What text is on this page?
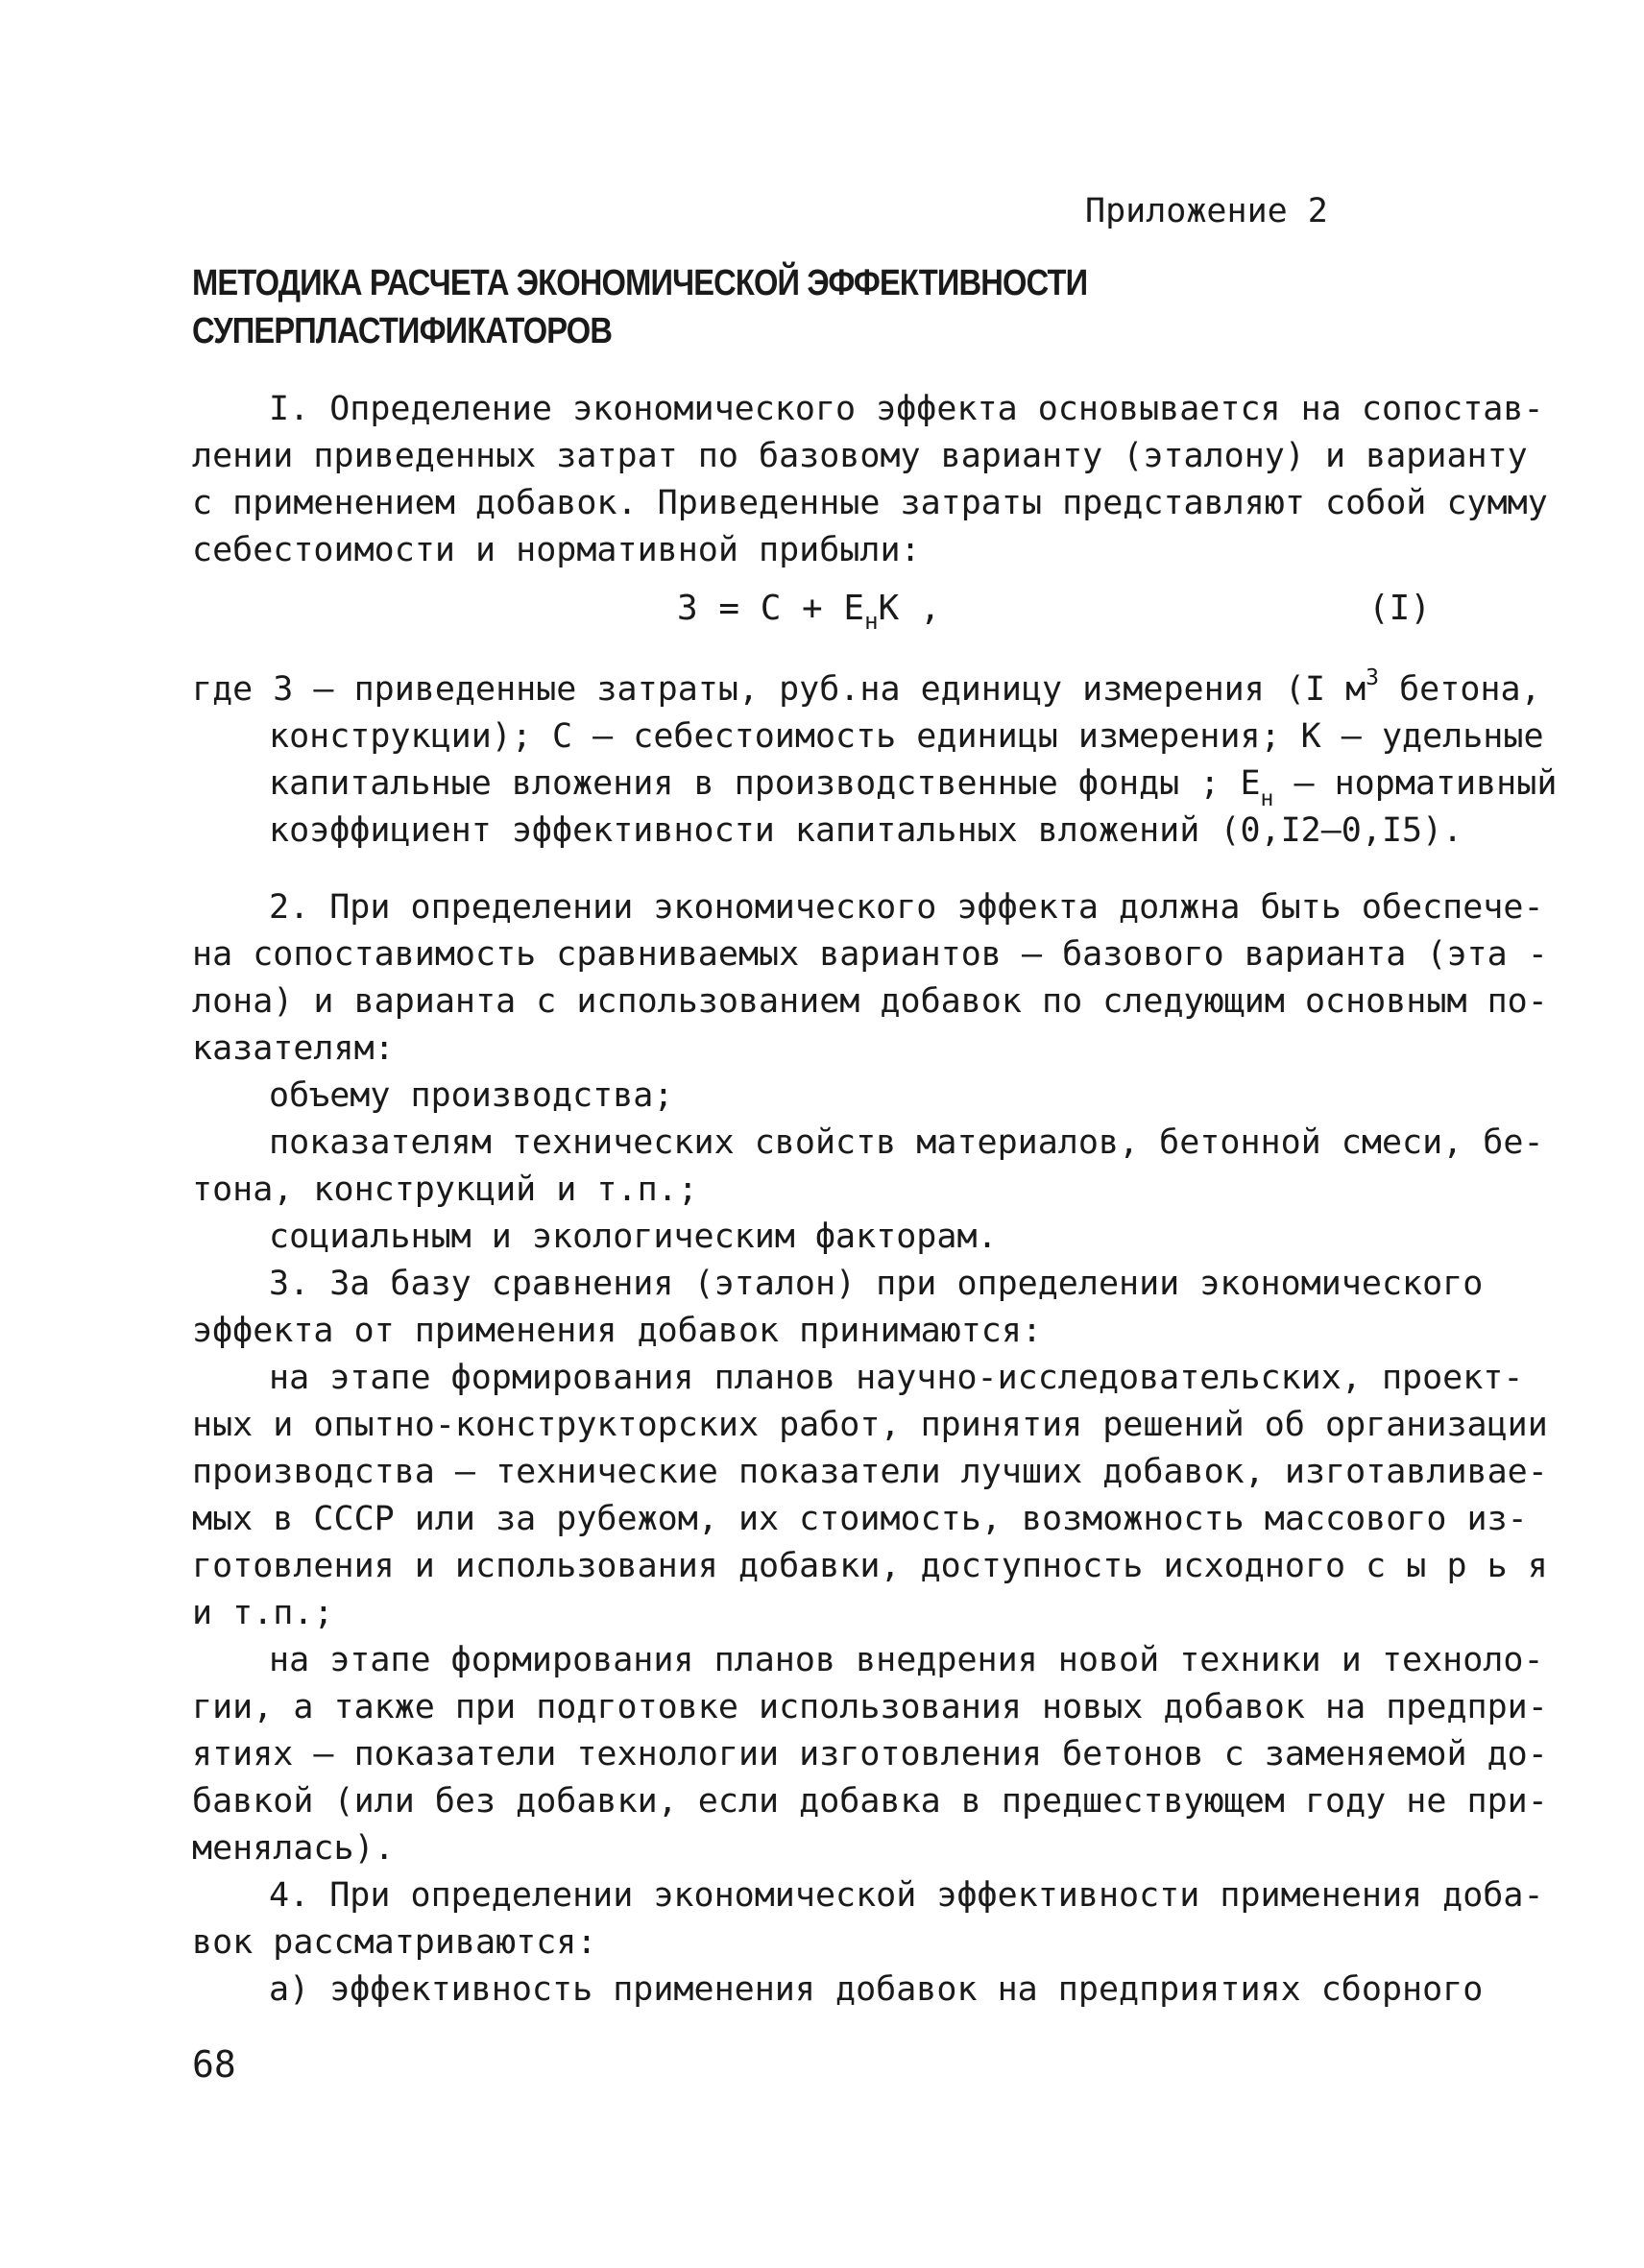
Приложение 2
МЕТОДИКА РАСЧЕТА ЭКОНОМИЧЕСКОЙ ЭФФЕКТИВНОСТИ
СУПЕРПЛАСТИФИКАТОРОВ
I. Определение экономического эффекта основывается на сопостав-
лении приведенных затрат по базовому варианту (эталону) и варианту
с применением добавок. Приведенные затраты представляют собой сумму
себестоимости и нормативной прибыли:
$З = С + Е_нК$ ,	(I)
где З – приведенные затраты, руб.на единицу измерения (I $м^3$ бетона,
конструкции); С – себестоимость единицы измерения; К – удельные
капитальные вложения в производственные фонды ; $Е_н$ – нормативный
коэффициент эффективности капитальных вложений (0,I2–0,I5).
2. При определении экономического эффекта должна быть обеспече-
на сопоставимость сравниваемых вариантов – базового варианта (эта -
лона) и варианта с использованием добавок по следующим основным по-
казателям:
объему производства;
показателям технических свойств материалов, бетонной смеси, бе-
тона, конструкций и т.п.;
социальным и экологическим факторам.
3. За базу сравнения (эталон) при определении экономического
эффекта от применения добавок принимаются:
на этапе формирования планов научно-исследовательских, проект-
ных и опытно-конструкторских работ, принятия решений об организации
производства – технические показатели лучших добавок, изготавливае-
мых в СССР или за рубежом, их стоимость, возможность массового из-
готовления и использования добавки, доступность исходного с ы р ь я
и т.п.;
на этапе формирования планов внедрения новой техники и техноло-
гии, а также при подготовке использования новых добавок на предпри-
ятиях – показатели технологии изготовления бетонов с заменяемой до-
бавкой (или без добавки, если добавка в предшествующем году не при-
менялась).
4. При определении экономической эффективности применения доба-
вок рассматриваются:
а) эффективность применения добавок на предприятиях сборного
68
